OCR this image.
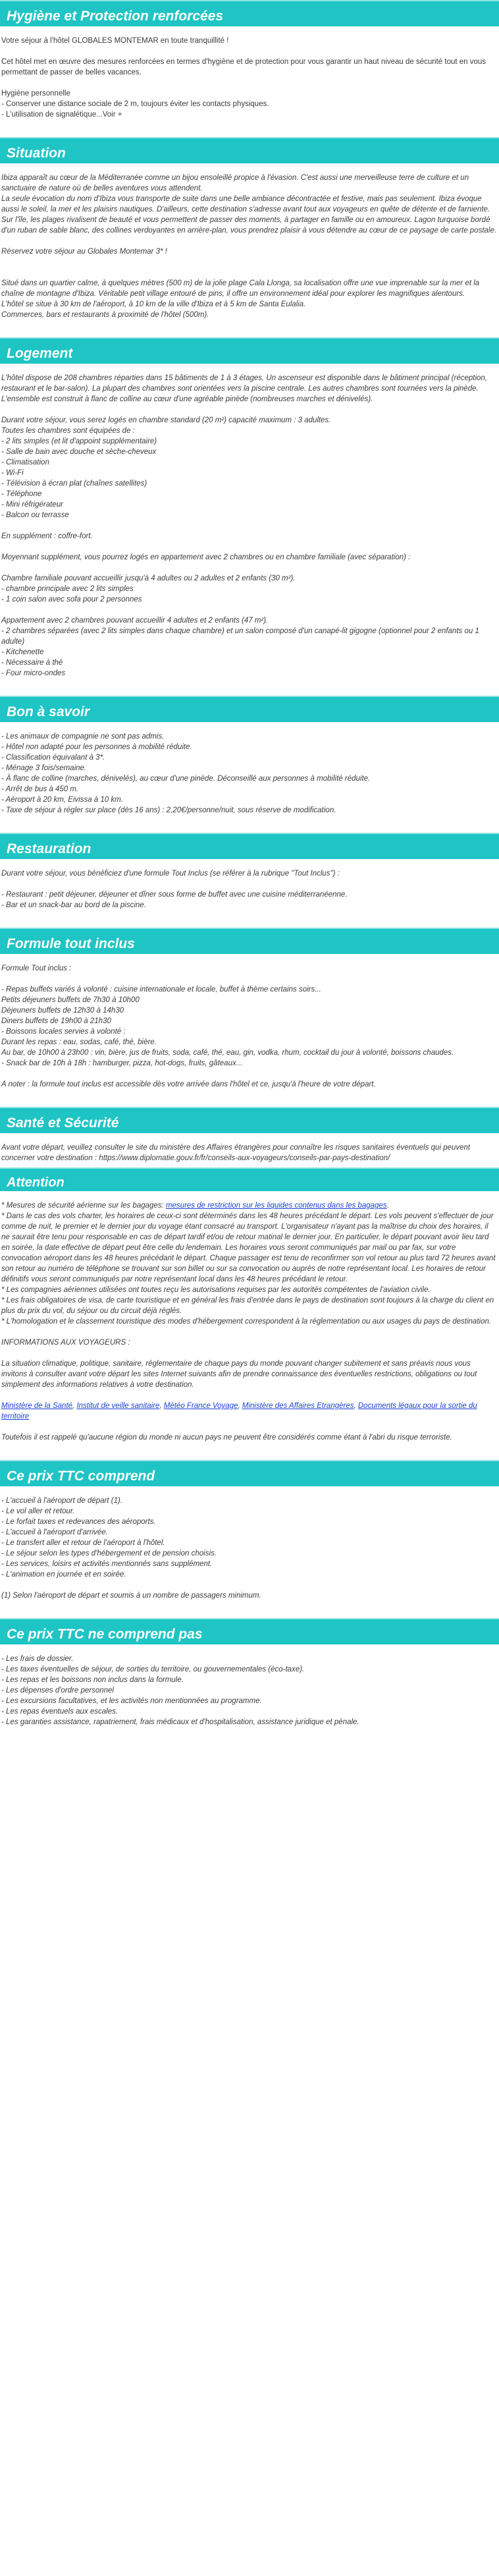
Hygiène et Protection renforcées
Votre séjour à l'hôtel GLOBALES MONTEMAR en toute tranquillité !
Cet hôtel met en œuvre des mesures renforcées en termes d'hygiène et de protection pour vous garantir un haut niveau de sécurité tout en vous permettant de passer de belles vacances.
Hygiène personnelle
- Conserver une distance sociale de 2 m, toujours éviter les contacts physiques.
- L'utilisation de signalétique...Voir +
Situation
Ibiza apparaît au cœur de la Méditerranée comme un bijou ensoleillé propice à l'évasion. C'est aussi une merveilleuse terre de culture et un sanctuaire de nature où de belles aventures vous attendent.
La seule évocation du nom d'Ibiza vous transporte de suite dans une belle ambiance décontractée et festive, mais pas seulement. Ibiza évoque aussi le soleil, la mer et les plaisirs nautiques. D'ailleurs, cette destination s'adresse avant tout aux voyageurs en quête de détente et de farniente. Sur l'île, les plages rivalisent de beauté et vous permettent de passer des moments, à partager en famille ou en amoureux. Lagon turquoise bordé d'un ruban de sable blanc, des collines verdoyantes en arrière-plan, vous prendrez plaisir à vous détendre au cœur de ce paysage de carte postale.
Réservez votre séjour au Globales Montemar 3* !
Situé dans un quartier calme, à quelques mètres (500 m) de la jolie plage Cala Llonga, sa localisation offre une vue imprenable sur la mer et la chaîne de montagne d'Ibiza. Véritable petit village entouré de pins, il offre un environnement idéal pour explorer les magnifiques alentours.
L'hôtel se situe à 30 km de l'aéroport, à 10 km de la ville d'Ibiza et à 5 km de Santa Eulalia.
Commerces, bars et restaurants à proximité de l'hôtel (500m).
Logement
L'hôtel dispose de 208 chambres réparties dans 15 bâtiments de 1 à 3 étages. Un ascenseur est disponible dans le bâtiment principal (réception, restaurant et le bar-salon). La plupart des chambres sont orientées vers la piscine centrale. Les autres chambres sont tournées vers la pinède. L'ensemble est construit à flanc de colline au cœur d'une agréable pinède (nombreuses marches et dénivelés).
Durant votre séjour, vous serez logés en chambre standard (20 m²) capacité maximum : 3 adultes.
Toutes les chambres sont équipées de :
- 2 lits simples (et lit d'appoint supplémentaire)
- Salle de bain avec douche et sèche-cheveux
- Climatisation
- Wi-Fi
- Télévision à écran plat (chaînes satellites)
- Téléphone
- Mini réfrigérateur
- Balcon ou terrasse
En supplément : coffre-fort.
Moyennant supplément, vous pourrez logés en appartement avec 2 chambres ou en chambre familiale (avec séparation) :
Chambre familiale pouvant accueillir jusqu'à 4 adultes ou 2 adultes et 2 enfants (30 m²).
- chambre principale avec 2 lits simples
- 1 coin salon avec sofa pour 2 personnes
Appartement avec 2 chambres pouvant accueillir 4 adultes et 2 enfants (47 m²).
- 2 chambres séparées (avec 2 lits simples dans chaque chambre) et un salon composé d'un canapé-lit gigogne (optionnel pour 2 enfants ou 1 adulte)
- Kitchenette
- Nécessaire à thé
- Four micro-ondes
Bon à savoir
- Les animaux de compagnie ne sont pas admis.
- Hôtel non adapté pour les personnes à mobilité réduite.
- Classification équivalant à 3*.
- Ménage 3 fois/semaine.
- À flanc de colline (marches, dénivelés), au cœur d'une pinède. Déconseillé aux personnes à mobilité réduite.
- Arrêt de bus à 450 m.
- Aéroport à 20 km, Eivissa à 10 km.
- Taxe de séjour à régler sur place (dès 16 ans) : 2,20€/personne/nuit, sous réserve de modification.
Restauration
Durant votre séjour, vous bénéficiez d'une formule Tout Inclus (se référer à la rubrique "Tout Inclus") :
- Restaurant : petit déjeuner, déjeuner et dîner sous forme de buffet avec une cuisine méditerranéenne.
- Bar et un snack-bar au bord de la piscine.
Formule tout inclus
Formule Tout inclus :
- Repas buffets variés à volonté : cuisine internationale et locale, buffet à thème certains soirs...
Petits déjeuners buffets de 7h30 à 10h00
Déjeuners buffets de 12h30 à 14h30
Diners buffets de 19h00 à 21h30
- Boissons locales servies à volonté :
Durant les repas : eau, sodas, café, thé, bière.
Au bar, de 10h00 à 23h00 : vin, bière, jus de fruits, soda, café, thé, eau, gin, vodka, rhum, cocktail du jour à volonté, boissons chaudes.
- Snack bar de 10h à 18h : hamburger, pizza, hot-dogs, fruits, gâteaux...
A noter : la formule tout inclus est accessible dès votre arrivée dans l'hôtel et ce, jusqu'à l'heure de votre départ.
Santé et Sécurité
Avant votre départ, veuillez consulter le site du ministère des Affaires étrangères pour connaître les risques sanitaires éventuels qui peuvent concerner votre destination : https://www.diplomatie.gouv.fr/fr/conseils-aux-voyageurs/conseils-par-pays-destination/
Attention
* Mesures de sécurité aérienne sur les bagages: mesures de restriction sur les liquides contenus dans les bagages.
* Dans le cas des vols charter, les horaires de ceux-ci sont déterminés dans les 48 heures précédant le départ. Les vols peuvent s'effectuer de jour comme de nuit, le premier et le dernier jour du voyage étant consacré au transport. L'organisateur n'ayant pas la maîtrise du choix des horaires, il ne saurait être tenu pour responsable en cas de départ tardif et/ou de retour matinal le dernier jour. En particulier, le départ pouvant avoir lieu tard en soirée, la date effective de départ peut être celle du lendemain. Les horaires vous seront communiqués par mail ou par fax, sur votre convocation aéroport dans les 48 heures précédant le départ. Chaque passager est tenu de reconfirmer son vol retour au plus tard 72 heures avant son retour au numéro de téléphone se trouvant sur son billet ou sur sa convocation ou auprès de notre représentant local. Les horaires de retour définitifs vous seront communiqués par notre représentant local dans les 48 heures précédant le retour.
* Les compagnies aériennes utilisées ont toutes reçu les autorisations requises par les autorités compétentes de l'aviation civile.
* Les frais obligatoires de visa, de carte touristique et en général les frais d'entrée dans le pays de destination sont toujours à la charge du client en plus du prix du vol, du séjour ou du circuit déjà réglés.
* L'homologation et le classement touristique des modes d'hébergement correspondent à la réglementation ou aux usages du pays de destination.
INFORMATIONS AUX VOYAGEURS :
La situation climatique, politique, sanitaire, réglementaire de chaque pays du monde pouvant changer subitement et sans préavis nous vous invitons à consulter avant votre départ les sites Internet suivants afin de prendre connaissance des éventuelles restrictions, obligations ou tout simplement des informations relatives à votre destination.
Ministère de la Santé, Institut de veille sanitaire, Météo France Voyage, Ministère des Affaires Etrangères, Documents légaux pour la sortie du territoire
Toutefois il est rappelé qu'aucune région du monde ni aucun pays ne peuvent être considérés comme étant à l'abri du risque terroriste.
Ce prix TTC comprend
- L'accueil à l'aéroport de départ (1).
- Le vol aller et retour.
- Le forfait taxes et redevances des aéroports.
- L'accueil à l'aéroport d'arrivée.
- Le transfert aller et retour de l'aéroport à l'hôtel.
- Le séjour selon les types d'hébergement et de pension choisis.
- Les services, loisirs et activités mentionnés sans supplément.
- L'animation en journée et en soirée.
(1) Selon l'aéroport de départ et soumis à un nombre de passagers minimum.
Ce prix TTC ne comprend pas
- Les frais de dossier.
- Les taxes éventuelles de séjour, de sorties du territoire, ou gouvernementales (éco-taxe).
- Les repas et les boissons non inclus dans la formule.
- Les dépenses d'ordre personnel
- Les excursions facultatives, et les activités non mentionnées au programme.
- Les repas éventuels aux escales.
- Les garanties assistance, rapatriement, frais médicaux et d'hospitalisation, assistance juridique et pénale.
